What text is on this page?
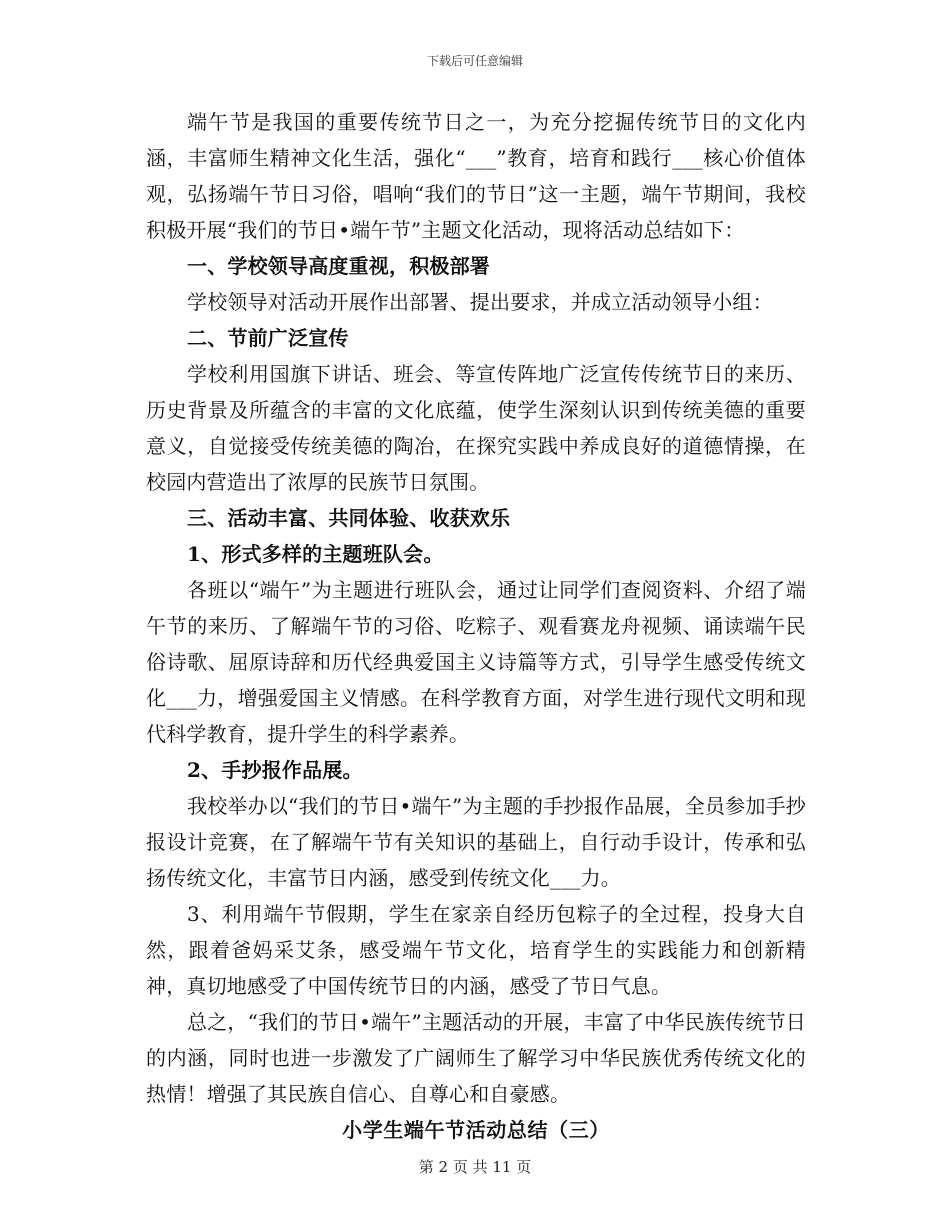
下载后可任意编辑

端午节是我国的重要传统节日之一，为充分挖掘传统节日的文化内涵，丰富师生精神文化生活，强化“___”教育，培育和践行___核心价值体观，弘扬端午节日习俗，唱响“我们的节日”这一主题，端午节期间，我校积极开展“我们的节日•端午节”主题文化活动，现将活动总结如下：

一、学校领导高度重视，积极部署

学校领导对活动开展作出部署、提出要求，并成立活动领导小组：

二、节前广泛宣传

学校利用国旗下讲话、班会、等宣传阵地广泛宣传传统节日的来历、历史背景及所蕴含的丰富的文化底蕴，使学生深刻认识到传统美德的重要意义，自觉接受传统美德的陶冶，在探究实践中养成良好的道德情操，在校园内营造出了浓厚的民族节日氛围。

三、活动丰富、共同体验、收获欢乐

1、形式多样的主题班队会。

各班以“端午”为主题进行班队会，通过让同学们查阅资料、介绍了端午节的来历、了解端午节的习俗、吃粽子、观看赛龙舟视频、诵读端午民俗诗歌、屈原诗辞和历代经典爱国主义诗篇等方式，引导学生感受传统文化___力，增强爱国主义情感。在科学教育方面，对学生进行现代文明和现代科学教育，提升学生的科学素养。

2、手抄报作品展。

我校举办以“我们的节日•端午”为主题的手抄报作品展，全员参加手抄报设计竞赛，在了解端午节有关知识的基础上，自行动手设计，传承和弘扬传统文化，丰富节日内涵，感受到传统文化___力。

3、利用端午节假期，学生在家亲自经历包粽子的全过程，投身大自然，跟着爸妈采艾条，感受端午节文化，培育学生的实践能力和创新精神，真切地感受了中国传统节日的内涵，感受了节日气息。

总之，“我们的节日•端午”主题活动的开展，丰富了中华民族传统节日的内涵，同时也进一步激发了广阔师生了解学习中华民族优秀传统文化的热情！增强了其民族自信心、自尊心和自豪感。

小学生端午节活动总结（三）

第 2 页 共 11 页
